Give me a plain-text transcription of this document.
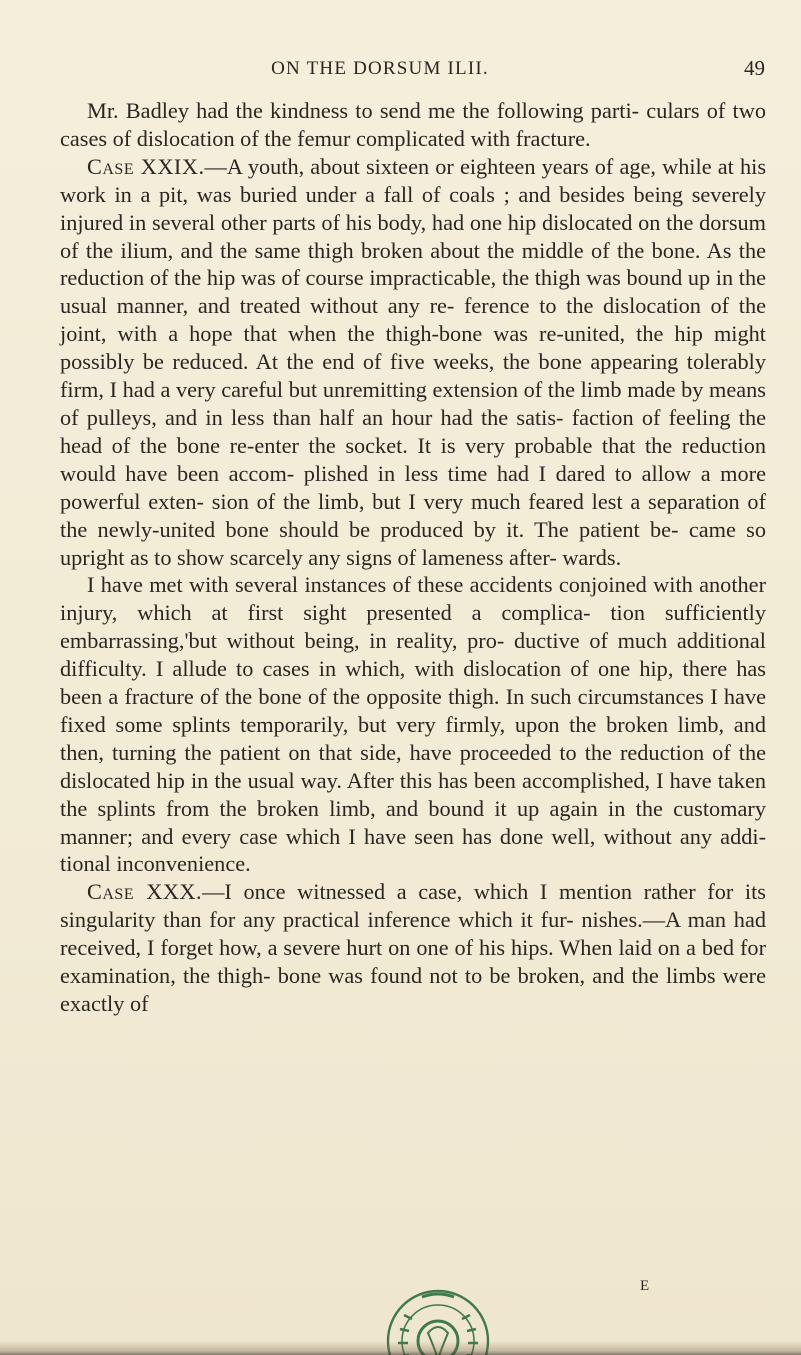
ON THE DORSUM ILII.	49

Mr. Badley had the kindness to send me the following parti- culars of two cases of dislocation of the femur complicated with fracture.

Case XXIX.—A youth, about sixteen or eighteen years of age, while at his work in a pit, was buried under a fall of coals ; and besides being severely injured in several other parts of his body, had one hip dislocated on the dorsum of the ilium, and the same thigh broken about the middle of the bone. As the reduction of the hip was of course impracticable, the thigh was bound up in the usual manner, and treated without any re- ference to the dislocation of the joint, with a hope that when the thigh-bone was re-united, the hip might possibly be reduced. At the end of five weeks, the bone appearing tolerably firm, I had a very careful but unremitting extension of the limb made by means of pulleys, and in less than half an hour had the satis- faction of feeling the head of the bone re-enter the socket. It is very probable that the reduction would have been accom- plished in less time had I dared to allow a more powerful exten- sion of the limb, but I very much feared lest a separation of the newly-united bone should be produced by it. The patient be- came so upright as to show scarcely any signs of lameness after- wards.

I have met with several instances of these accidents conjoined with another injury, which at first sight presented a complica- tion sufficiently embarrassing,'but without being, in reality, pro- ductive of much additional difficulty. I allude to cases in which, with dislocation of one hip, there has been a fracture of the bone of the opposite thigh. In such circumstances I have fixed some splints temporarily, but very firmly, upon the broken limb, and then, turning the patient on that side, have proceeded to the reduction of the dislocated hip in the usual way. After this has been accomplished, I have taken the splints from the broken limb, and bound it up again in the customary manner; and every case which I have seen has done well, without any addi- tional inconvenience.

Case XXX.—I once witnessed a case, which I mention rather for its singularity than for any practical inference which it fur- nishes.—A man had received, I forget how, a severe hurt on one of his hips. When laid on a bed for examination, the thigh- bone was found not to be broken, and the limbs were exactly of

E
